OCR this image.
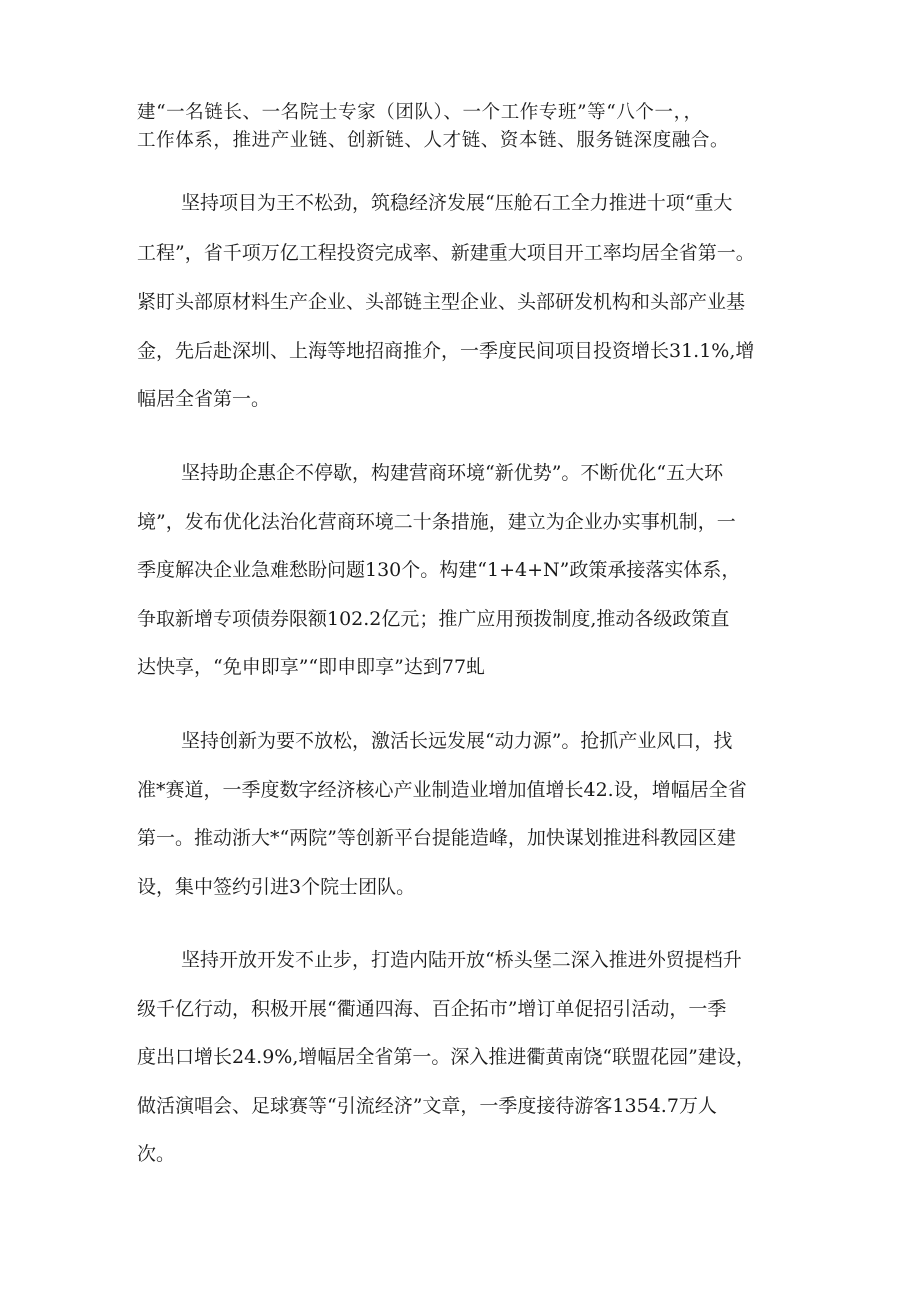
建“一名链长、一名院士专家（团队）、一个工作专班”等“八个一，，
工作体系，推进产业链、创新链、人才链、资本链、服务链深度融合。
坚持项目为王不松劲，筑稳经济发展“压舱石工全力推进十项“重大
工程”，省千项万亿工程投资完成率、新建重大项目开工率均居全省第一。
紧盯头部原材料生产企业、头部链主型企业、头部研发机构和头部产业基
金，先后赴深圳、上海等地招商推介，一季度民间项目投资增长31.1%,增
幅居全省第一。
坚持助企惠企不停歇，构建营商环境“新优势”。不断优化“五大环
境”，发布优化法治化营商环境二十条措施，建立为企业办实事机制，一
季度解决企业急难愁盼问题130个。构建“1+4+N”政策承接落实体系，
争取新增专项债券限额102.2亿元；推广应用预拨制度,推动各级政策直
达快享，“免申即享”“即申即享”达到77虬
坚持创新为要不放松，激活长远发展“动力源”。抢抓产业风口，找
准*赛道，一季度数字经济核心产业制造业增加值增长42.设，增幅居全省
第一。推动浙大*“两院”等创新平台提能造峰，加快谋划推进科教园区建
设，集中签约引进3个院士团队。
坚持开放开发不止步，打造内陆开放“桥头堡二深入推进外贸提档升
级千亿行动，积极开展“衢通四海、百企拓市”增订单促招引活动，一季
度出口增长24.9%,增幅居全省第一。深入推进衢黄南饶“联盟花园”建设，
做活演唱会、足球赛等“引流经济”文章，一季度接待游客1354.7万人
次。
